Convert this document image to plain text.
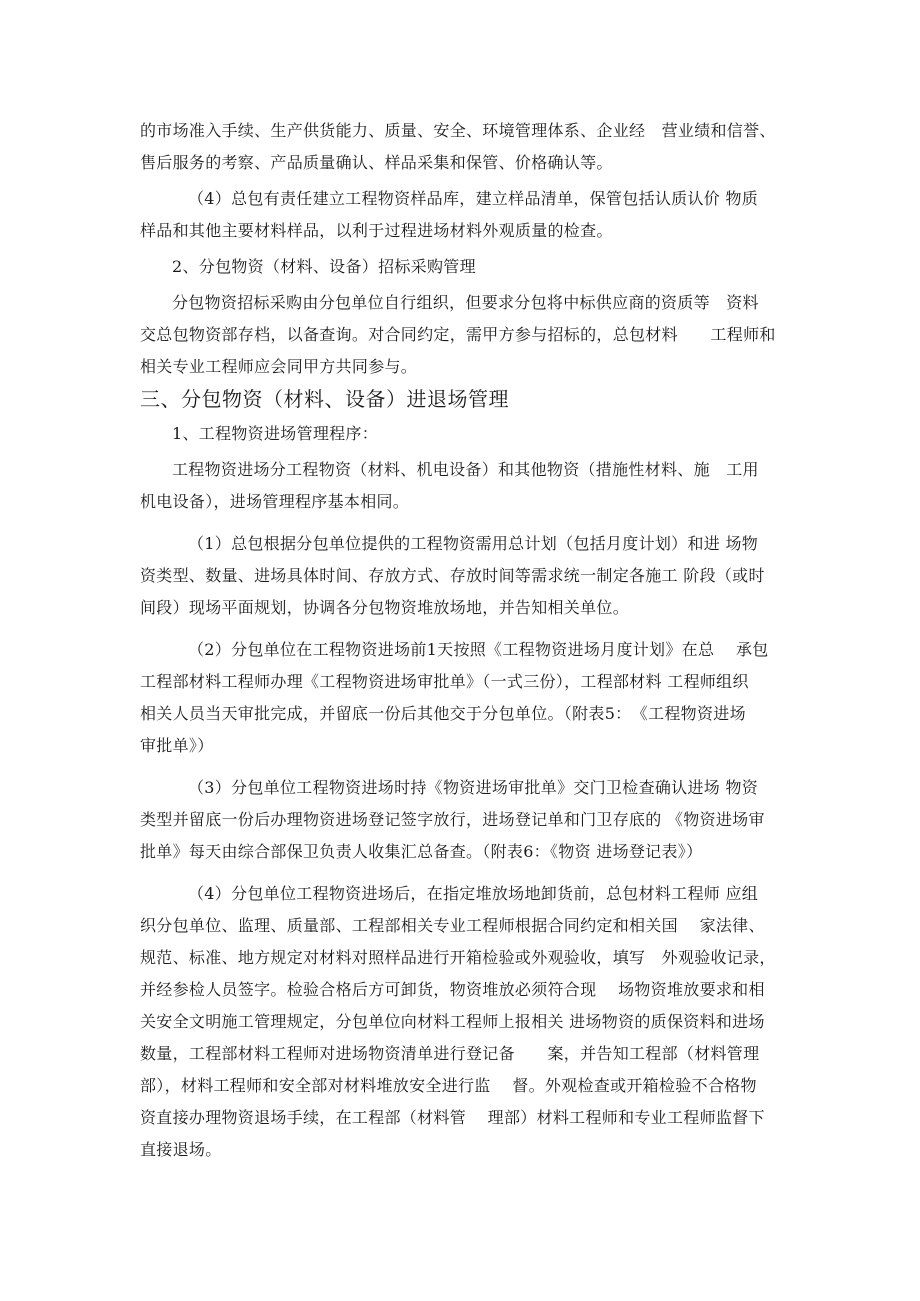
的市场准入手续、生产供货能力、质量、安全、环境管理体系、企业经　营业绩和信誉、
售后服务的考察、产品质量确认、样品采集和保管、价格确认等。
（4）总包有责任建立工程物资样品库，建立样品清单，保管包括认质认价 物质
样品和其他主要材料样品，以利于过程进场材料外观质量的检查。
2、分包物资（材料、设备）招标采购管理
分包物资招标采购由分包单位自行组织，但要求分包将中标供应商的资质等　资料
交总包物资部存档，以备查询。对合同约定，需甲方参与招标的，总包材料　　工程师和
相关专业工程师应会同甲方共同参与。
三、分包物资（材料、设备）进退场管理
1、工程物资进场管理程序：
工程物资进场分工程物资（材料、机电设备）和其他物资（措施性材料、施　工用
机电设备），进场管理程序基本相同。
（1）总包根据分包单位提供的工程物资需用总计划（包括月度计划）和进 场物
资类型、数量、进场具体时间、存放方式、存放时间等需求统一制定各施工 阶段（或时
间段）现场平面规划，协调各分包物资堆放场地，并告知相关单位。
（2）分包单位在工程物资进场前1天按照《工程物资进场月度计划》在总　 承包
工程部材料工程师办理《工程物资进场审批单》（一式三份），工程部材料 工程师组织
相关人员当天审批完成，并留底一份后其他交于分包单位。（附表5：　《工程物资进场
审批单》）
（3）分包单位工程物资进场时持《物资进场审批单》交门卫检查确认进场 物资
类型并留底一份后办理物资进场登记签字放行，进场登记单和门卫存底的 《物资进场审
批单》每天由综合部保卫负责人收集汇总备查。（附表6：《物资 进场登记表》）
（4）分包单位工程物资进场后，在指定堆放场地卸货前，总包材料工程师 应组
织分包单位、监理、质量部、工程部相关专业工程师根据合同约定和相关国　 家法律、
规范、标准、地方规定对材料对照样品进行开箱检验或外观验收，填写　外观验收记录，
并经参检人员签字。检验合格后方可卸货，物资堆放必须符合现　 场物资堆放要求和相
关安全文明施工管理规定，分包单位向材料工程师上报相关 进场物资的质保资料和进场
数量，工程部材料工程师对进场物资清单进行登记备　　案，并告知工程部（材料管理
部），材料工程师和安全部对材料堆放安全进行监　 督。外观检查或开箱检验不合格物
资直接办理物资退场手续，在工程部（材料管　 理部）材料工程师和专业工程师监督下
直接退场。
